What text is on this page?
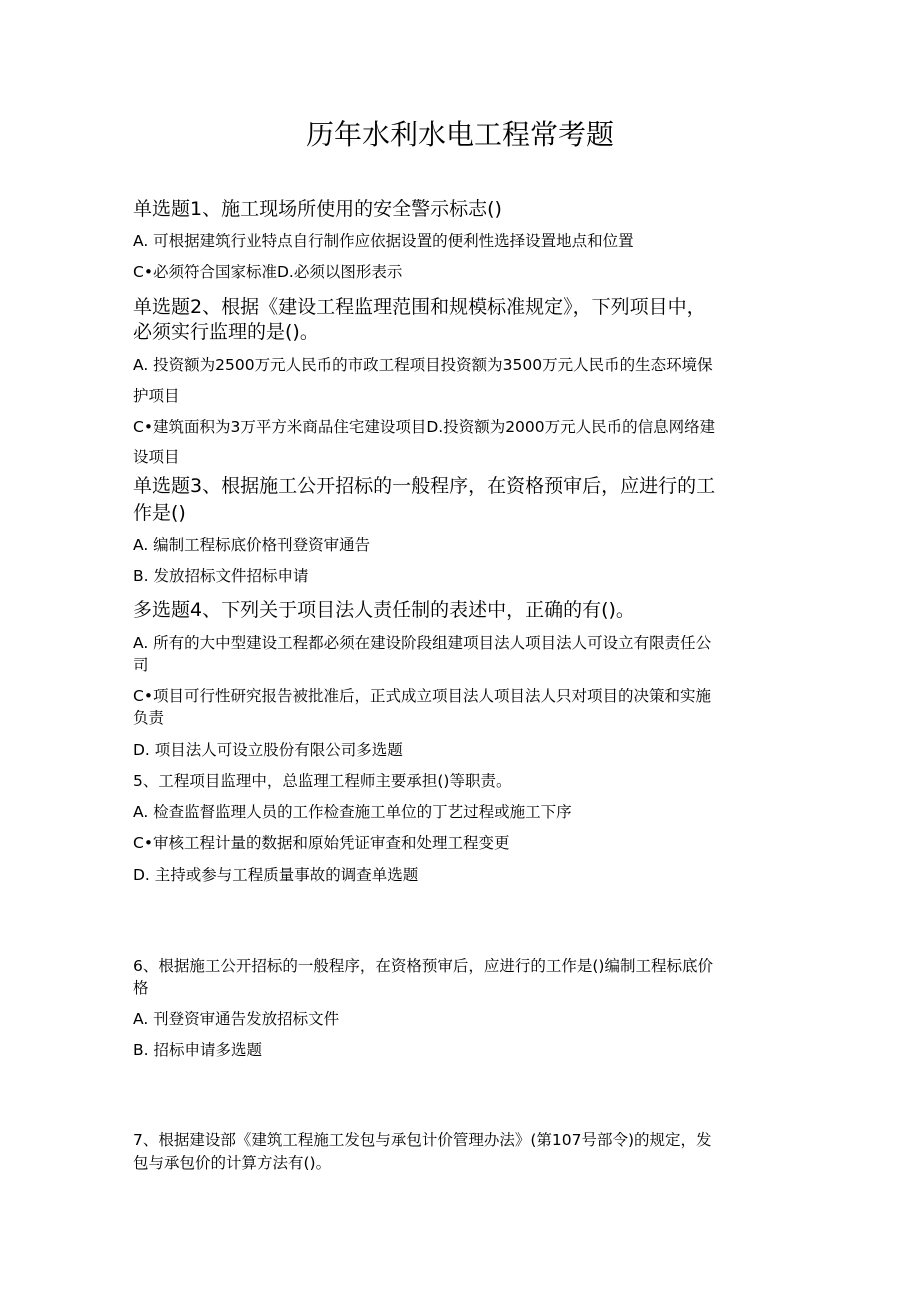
历年水利水电工程常考题
单选题1、施工现场所使用的安全警示标志()
A. 可根据建筑行业特点自行制作应依据设置的便利性选择设置地点和位置
C•必须符合国家标准D.必须以图形表示
单选题2、根据《建设工程监理范围和规模标准规定》，下列项目中，
必须实行监理的是()。
A. 投资额为2500万元人民币的市政工程项目投资额为3500万元人民币的生态环境保
护项目
C•建筑面积为3万平方米商品住宅建设项目D.投资额为2000万元人民币的信息网络建
设项目
单选题3、根据施工公开招标的一般程序，在资格预审后，应进行的工
作是()
A. 编制工程标底价格刊登资审通告
B. 发放招标文件招标申请
多选题4、下列关于项目法人责任制的表述中，正确的有()。
A. 所有的大中型建设工程都必须在建设阶段组建项目法人项目法人可设立有限责任公
司
C•项目可行性研究报告被批准后，正式成立项目法人项目法人只对项目的决策和实施
负责
D. 项目法人可设立股份有限公司多选题
5、工程项目监理中，总监理工程师主要承担()等职责。
A. 检查监督监理人员的工作检查施工单位的丁艺过程或施工下序
C•审核工程计量的数据和原始凭证审查和处理工程变更
D. 主持或参与工程质量事故的调查单选题
6、根据施工公开招标的一般程序，在资格预审后，应进行的工作是()编制工程标底价
格
A. 刊登资审通告发放招标文件
B. 招标申请多选题
7、根据建设部《建筑工程施工发包与承包计价管理办法》(第107号部令)的规定，发
包与承包价的计算方法有()。
